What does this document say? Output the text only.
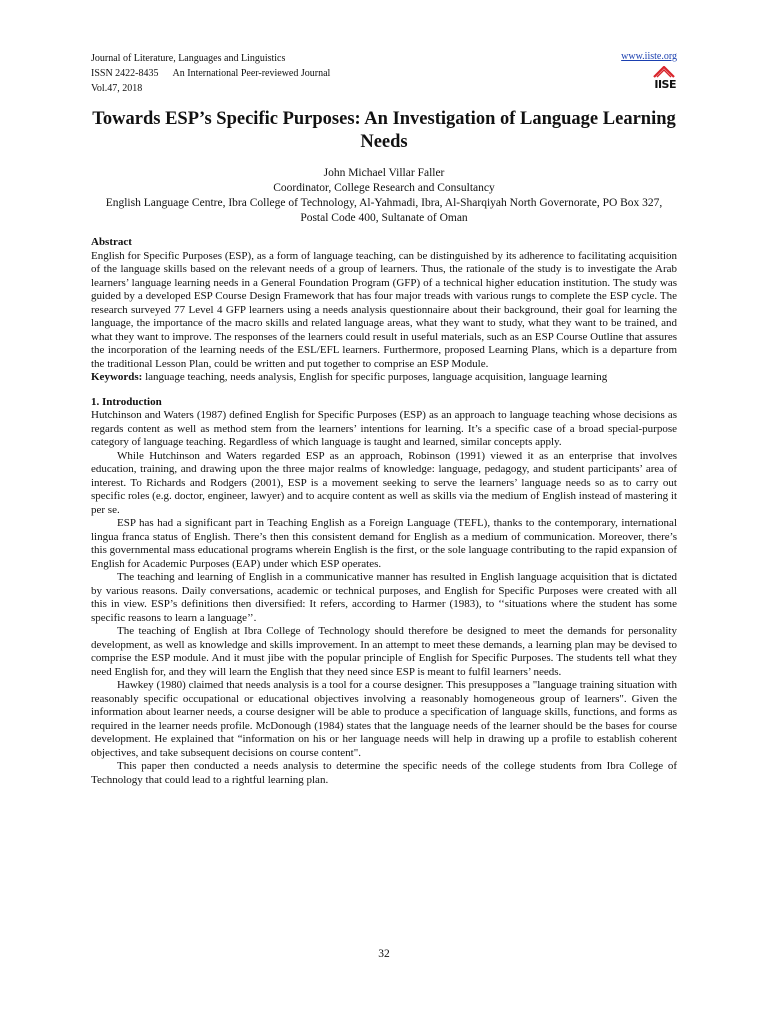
Journal of Literature, Languages and Linguistics
ISSN 2422-8435 An International Peer-reviewed Journal
Vol.47, 2018
www.iiste.org
IISE
Towards ESP’s Specific Purposes: An Investigation of Language Learning Needs
John Michael Villar Faller
Coordinator, College Research and Consultancy
English Language Centre, Ibra College of Technology, Al-Yahmadi, Ibra, Al-Sharqiyah North Governorate, PO Box 327, Postal Code 400, Sultanate of Oman

Abstract

English for Specific Purposes (ESP), as a form of language teaching, can be distinguished by its adherence to facilitating acquisition of the language skills based on the relevant needs of a group of learners. Thus, the rationale of the study is to investigate the Arab learners’ language learning needs in a General Foundation Program (GFP) of a technical higher education institution. The study was guided by a developed ESP Course Design Framework that has four major treads with various rungs to complete the ESP cycle. The research surveyed 77 Level 4 GFP learners using a needs analysis questionnaire about their background, their goal for learning the language, the importance of the macro skills and related language areas, what they want to study, what they want to be trained, and what they want to improve. The responses of the learners could result in useful materials, such as an ESP Course Outline that assures the incorporation of the learning needs of the ESL/EFL learners. Furthermore, proposed Learning Plans, which is a departure from the traditional Lesson Plan, could be written and put together to comprise an ESP Module.

Keywords: language teaching, needs analysis, English for specific purposes, language acquisition, language learning

1. Introduction

Hutchinson and Waters (1987) defined English for Specific Purposes (ESP) as an approach to language teaching whose decisions as regards content as well as method stem from the learners’ intentions for learning. It’s a specific case of a broad special-purpose category of language teaching. Regardless of which language is taught and learned, similar concepts apply.

While Hutchinson and Waters regarded ESP as an approach, Robinson (1991) viewed it as an enterprise that involves education, training, and drawing upon the three major realms of knowledge: language, pedagogy, and student participants’ area of interest. To Richards and Rodgers (2001), ESP is a movement seeking to serve the learners’ language needs so as to carry out specific roles (e.g. doctor, engineer, lawyer) and to acquire content as well as skills via the medium of English instead of mastering it per se.

ESP has had a significant part in Teaching English as a Foreign Language (TEFL), thanks to the contemporary, international lingua franca status of English. There’s then this consistent demand for English as a medium of communication. Moreover, there’s this governmental mass educational programs wherein English is the first, or the sole language contributing to the rapid expansion of English for Academic Purposes (EAP) under which ESP operates.

The teaching and learning of English in a communicative manner has resulted in English language acquisition that is dictated by various reasons. Daily conversations, academic or technical purposes, and English for Specific Purposes were created with all this in view. ESP’s definitions then diversified: It refers, according to Harmer (1983), to ‘‘situations where the student has some specific reasons to learn a language’’.

The teaching of English at Ibra College of Technology should therefore be designed to meet the demands for personality development, as well as knowledge and skills improvement. In an attempt to meet these demands, a learning plan may be devised to comprise the ESP module. And it must jibe with the popular principle of English for Specific Purposes. The students tell what they need English for, and they will learn the English that they need since ESP is meant to fulfil learners’ needs.

Hawkey (1980) claimed that needs analysis is a tool for a course designer. This presupposes a "language training situation with reasonably specific occupational or educational objectives involving a reasonably homogeneous group of learners". Given the information about learner needs, a course designer will be able to produce a specification of language skills, functions, and forms as required in the learner needs profile. McDonough (1984) states that the language needs of the learner should be the bases for course development. He explained that “information on his or her language needs will help in drawing up a profile to establish coherent objectives, and take subsequent decisions on course content".

This paper then conducted a needs analysis to determine the specific needs of the college students from Ibra College of Technology that could lead to a rightful learning plan.

32
